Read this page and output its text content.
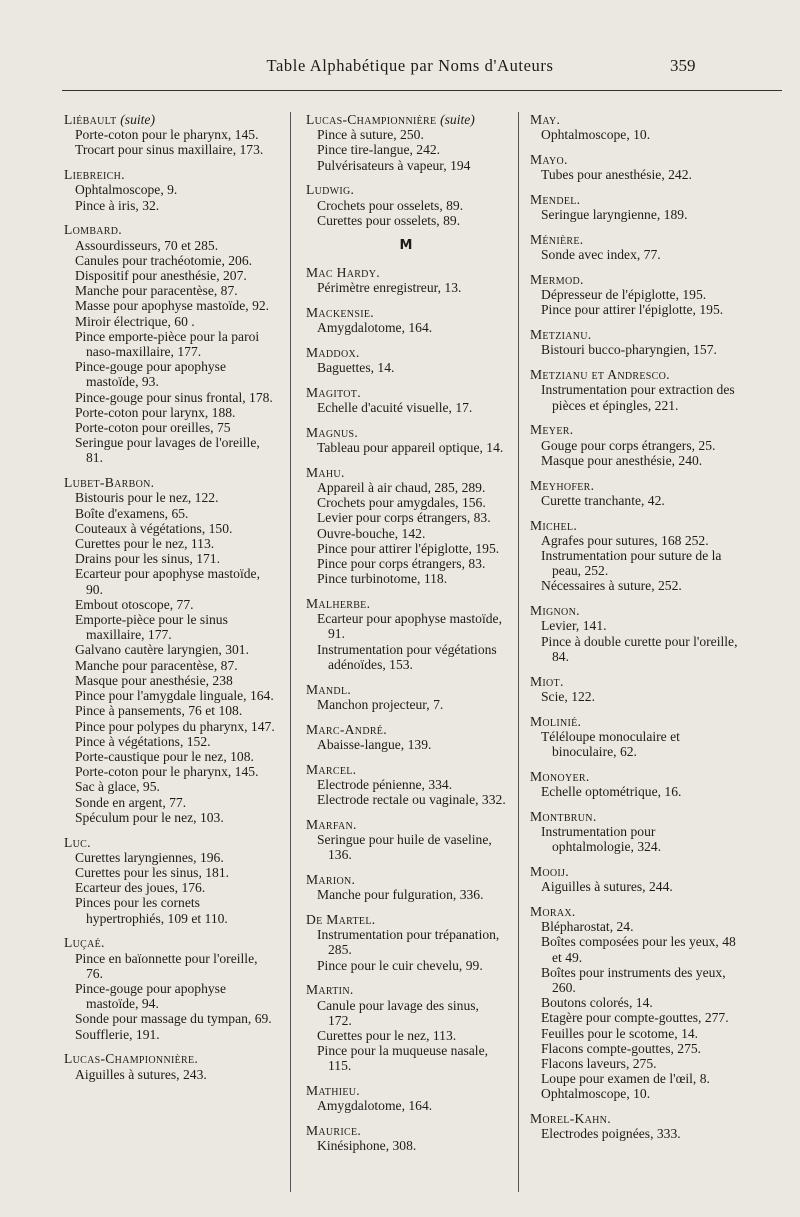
Table Alphabétique par Noms d'Auteurs	359
Liébault (suite)
Porte-coton pour le pharynx, 145.
Trocart pour sinus maxillaire, 173.
Liebreich.
Ophtalmoscope, 9.
Pince à iris, 32.
Lombard.
Assourdisseurs, 70 et 285.
Canules pour trachéotomie, 206.
Dispositif pour anesthésie, 207.
Manche pour paracentèse, 87.
Masse pour apophyse mastoïde, 92.
Miroir électrique, 60 .
Pince emporte-pièce pour la paroi naso-maxillaire, 177.
Pince-gouge pour apophyse mastoïde, 93.
Pince-gouge pour sinus frontal, 178.
Porte-coton pour larynx, 188.
Porte-coton pour oreilles, 75
Seringue pour lavages de l'oreille, 81.
Lubet-Barbon.
Bistouris pour le nez, 122.
Boîte d'examens, 65.
Couteaux à végétations, 150.
Curettes pour le nez, 113.
Drains pour les sinus, 171.
Ecarteur pour apophyse mastoïde, 90.
Embout otoscope, 77.
Emporte-pièce pour le sinus maxillaire, 177.
Galvano cautère laryngien, 301.
Manche pour paracentèse, 87.
Masque pour anesthésie, 238
Pince pour l'amygdale linguale, 164.
Pince à pansements, 76 et 108.
Pince pour polypes du pharynx, 147.
Pince à végétations, 152.
Porte-caustique pour le nez, 108.
Porte-coton pour le pharynx, 145.
Sac à glace, 95.
Sonde en argent, 77.
Spéculum pour le nez, 103.
Luc.
Curettes laryngiennes, 196.
Curettes pour les sinus, 181.
Ecarteur des joues, 176.
Pinces pour les cornets hypertrophiés, 109 et 110.
Luçaé.
Pince en baïonnette pour l'oreille, 76.
Pince-gouge pour apophyse mastoïde, 94.
Sonde pour massage du tympan, 69.
Soufflerie, 191.
Lucas-Championnière.
Aiguilles à sutures, 243.
Lucas-Championnière (suite)
Pince à suture, 250.
Pince tire-langue, 242.
Pulvérisateurs à vapeur, 194
Ludwig.
Crochets pour osselets, 89.
Curettes pour osselets, 89.
M
Mac Hardy.
Périmètre enregistreur, 13.
Mackensie.
Amygdalotome, 164.
Maddox.
Baguettes, 14.
Magitot.
Echelle d'acuité visuelle, 17.
Magnus.
Tableau pour appareil optique, 14.
Mahu.
Appareil à air chaud, 285, 289.
Crochets pour amygdales, 156.
Levier pour corps étrangers, 83.
Ouvre-bouche, 142.
Pince pour attirer l'épiglotte, 195.
Pince pour corps étrangers, 83.
Pince turbinotome, 118.
Malherbe.
Ecarteur pour apophyse mastoïde, 91.
Instrumentation pour végétations adénoïdes, 153.
Mandl.
Manchon projecteur, 7.
Marc-André.
Abaisse-langue, 139.
Marcel.
Electrode pénienne, 334.
Electrode rectale ou vaginale, 332.
Marfan.
Seringue pour huile de vaseline, 136.
Marion.
Manche pour fulguration, 336.
De Martel.
Instrumentation pour trépanation, 285.
Pince pour le cuir chevelu, 99.
Martin.
Canule pour lavage des sinus, 172.
Curettes pour le nez, 113.
Pince pour la muqueuse nasale, 115.
Mathieu.
Amygdalotome, 164.
Maurice.
Kinésiphone, 308.
May.
Ophtalmoscope, 10.
Mayo.
Tubes pour anesthésie, 242.
Mendel.
Seringue laryngienne, 189.
Ménière.
Sonde avec index, 77.
Mermod.
Dépresseur de l'épiglotte, 195.
Pince pour attirer l'épiglotte, 195.
Metzianu.
Bistouri bucco-pharyngien, 157.
Metzianu et Andresco.
Instrumentation pour extraction des pièces et épingles, 221.
Meyer.
Gouge pour corps étrangers, 25.
Masque pour anesthésie, 240.
Meyhofer.
Curette tranchante, 42.
Michel.
Agrafes pour sutures, 168 252.
Instrumentation pour suture de la peau, 252.
Nécessaires à suture, 252.
Mignon.
Levier, 141.
Pince à double curette pour l'oreille, 84.
Miot.
Scie, 122.
Molinié.
Téléloupe monoculaire et binoculaire, 62.
Monoyer.
Echelle optométrique, 16.
Montbrun.
Instrumentation pour ophtalmologie, 324.
Mooij.
Aiguilles à sutures, 244.
Morax.
Blépharostat, 24.
Boîtes composées pour les yeux, 48 et 49.
Boîtes pour instruments des yeux, 260.
Boutons colorés, 14.
Etagère pour compte-gouttes, 277.
Feuilles pour le scotome, 14.
Flacons compte-gouttes, 275.
Flacons laveurs, 275.
Loupe pour examen de l'œil, 8.
Ophtalmoscope, 10.
Morel-Kahn.
Electrodes poignées, 333.
